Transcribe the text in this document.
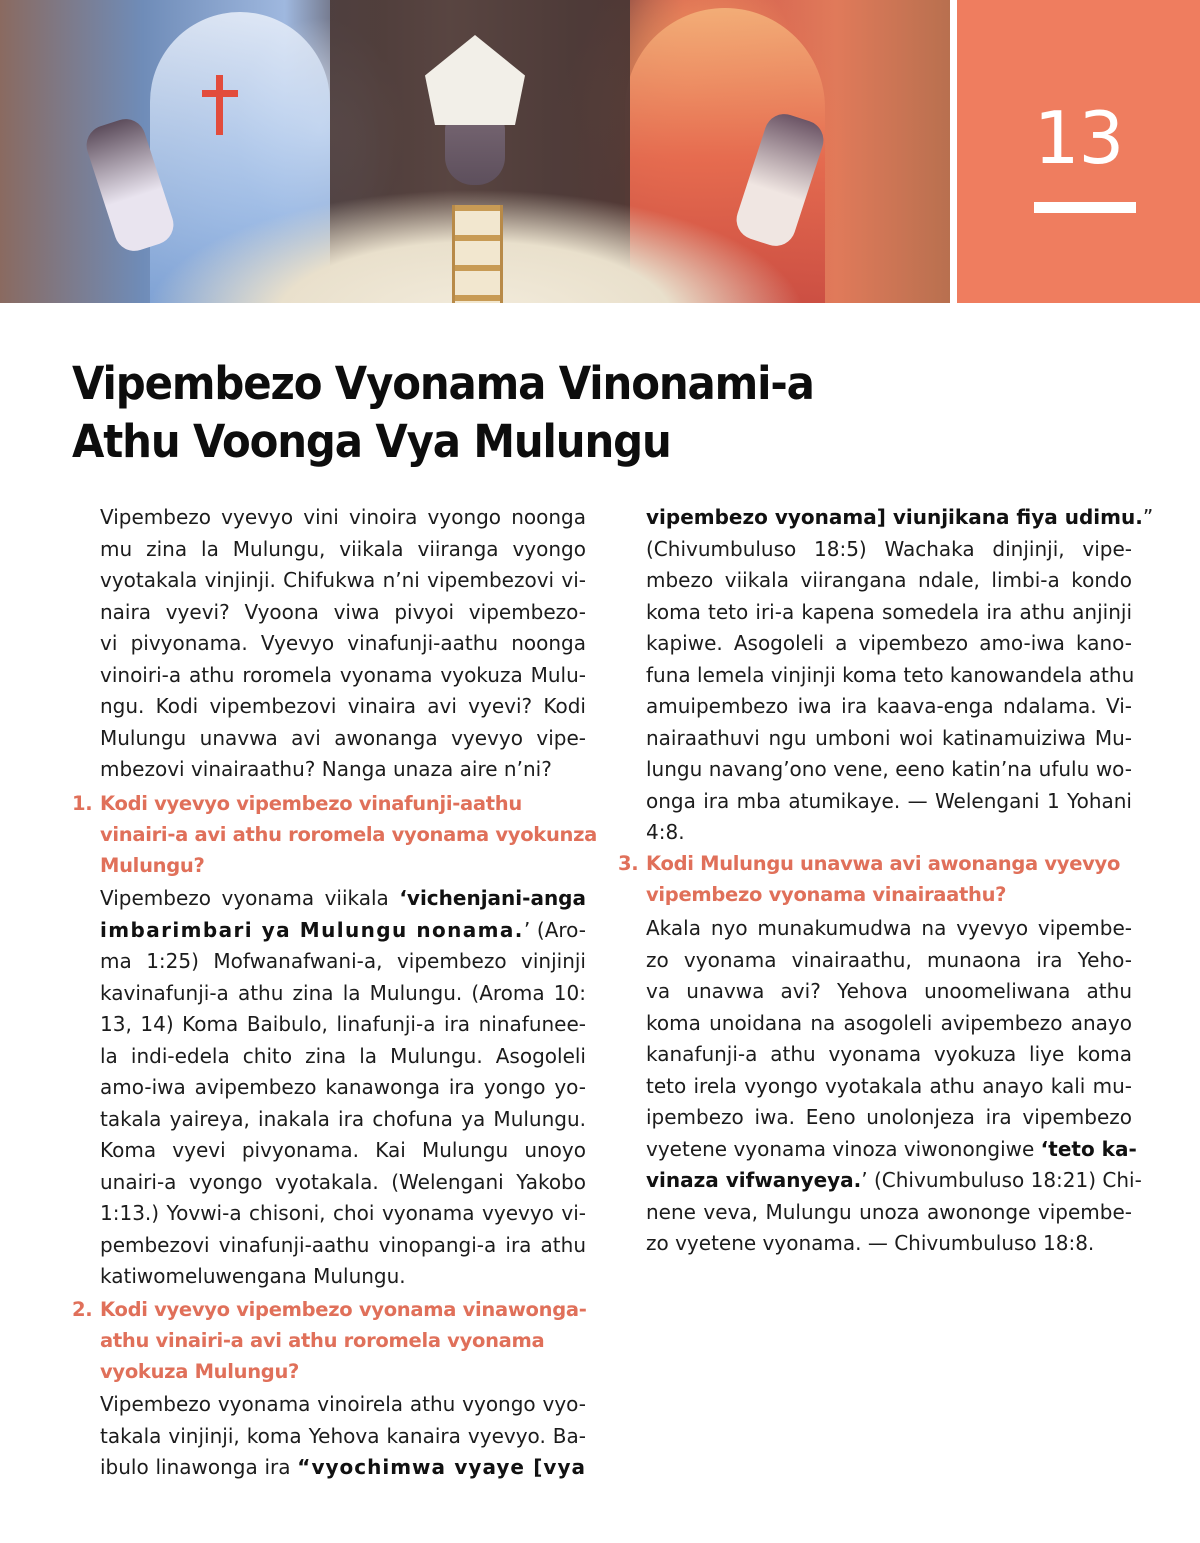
13
Vipembezo Vyonama Vinonami-a
Athu Voonga Vya Mulungu
Vipembezo vyevyo vini vinoira vyongo noonga
mu zina la Mulungu, viikala viiranga vyongo
vyotakala vinjinji. Chifukwa n’ni vipembezovi vi-
naira vyevi? Vyoona viwa pivyoi vipembezo-
vi pivyonama. Vyevyo vinafunji-aathu noonga
vinoiri-a athu roromela vyonama vyokuza Mulu-
ngu. Kodi vipembezovi vinaira avi vyevi? Kodi
Mulungu unavwa avi awonanga vyevyo vipe-
mbezovi vinairaathu? Nanga unaza aire n’ni?
1. Kodi vyevyo vipembezo vinafunji-aathu
vinairi-a avi athu roromela vyonama vyokunza
Mulungu?
Vipembezo vyonama viikala ‘vichenjani-anga
imbarimbari ya Mulungu nonama.’ (Aro-
ma 1:25) Mofwanafwani-a, vipembezo vinjinji
kavinafunji-a athu zina la Mulungu. (Aroma 10:
13, 14) Koma Baibulo, linafunji-a ira ninafunee-
la indi-edela chito zina la Mulungu. Asogoleli
amo-iwa avipembezo kanawonga ira yongo yo-
takala yaireya, inakala ira chofuna ya Mulungu.
Koma vyevi pivyonama. Kai Mulungu unoyo
unairi-a vyongo vyotakala. (Welengani Yakobo
1:13.) Yovwi-a chisoni, choi vyonama vyevyo vi-
pembezovi vinafunji-aathu vinopangi-a ira athu
katiwomeluwengana Mulungu.
2. Kodi vyevyo vipembezo vyonama vinawonga-
athu vinairi-a avi athu roromela vyonama
vyokuza Mulungu?
Vipembezo vyonama vinoirela athu vyongo vyo-
takala vinjinji, koma Yehova kanaira vyevyo. Ba-
ibulo linawonga ira “vyochimwa vyaye [vya
vipembezo vyonama] viunjikana fiya udimu.”
(Chivumbuluso 18:5) Wachaka dinjinji, vipe-
mbezo viikala viirangana ndale, limbi-a kondo
koma teto iri-a kapena somedela ira athu anjinji
kapiwe. Asogoleli a vipembezo amo-iwa kano-
funa lemela vinjinji koma teto kanowandela athu
amuipembezo iwa ira kaava-enga ndalama. Vi-
nairaathuvi ngu umboni woi katinamuiziwa Mu-
lungu navang’ono vene, eeno katin’na ufulu wo-
onga ira mba atumikaye. — Welengani 1 Yohani
4:8.
3. Kodi Mulungu unavwa avi awonanga vyevyo
vipembezo vyonama vinairaathu?
Akala nyo munakumudwa na vyevyo vipembe-
zo vyonama vinairaathu, munaona ira Yeho-
va unavwa avi? Yehova unoomeliwana athu
koma unoidana na asogoleli avipembezo anayo
kanafunji-a athu vyonama vyokuza liye koma
teto irela vyongo vyotakala athu anayo kali mu-
ipembezo iwa. Eeno unolonjeza ira vipembezo
vyetene vyonama vinoza viwonongiwe ‘teto ka-
vinaza vifwanyeya.’ (Chivumbuluso 18:21) Chi-
nene veva, Mulungu unoza awononge vipembe-
zo vyetene vyonama. — Chivumbuluso 18:8.
